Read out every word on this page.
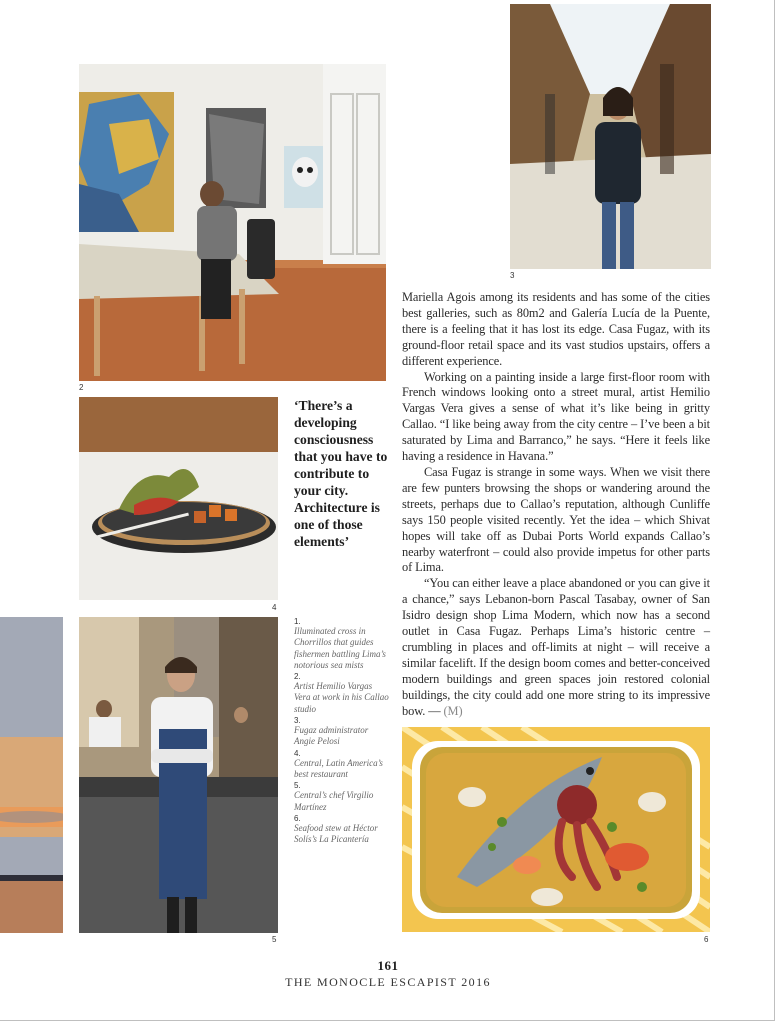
2
3
4
5	6
‘There’s a developing consciousness that you have to contribute to your city. Architecture is one of those elements’
1.
Illuminated cross in Chorrillos that guides fishermen battling Lima’s notorious sea mists
2.
Artist Hemilio Vargas Vera at work in his Callao studio
3.
Fugaz administrator Angie Pelosi
4.
Central, Latin America’s best restaurant
5.
Central’s chef Virgilio Martínez
6.
Seafood stew at Héctor Solís’s La Picantería

Mariella Agois among its residents and has some of the cities best galleries, such as 80m2 and Galería Lucía de la Puente, there is a feeling that it has lost its edge. Casa Fugaz, with its ground-floor retail space and its vast studios upstairs, offers a different experience.

Working on a painting inside a large first-floor room with French windows looking onto a street mural, artist Hemilio Vargas Vera gives a sense of what it’s like being in gritty Callao. “I like being away from the city centre – I’ve been a bit saturated by Lima and Barranco,” he says. “Here it feels like having a residence in Havana.”

Casa Fugaz is strange in some ways. When we visit there are few punters browsing the shops or wandering around the streets, perhaps due to Callao’s reputation, although Cunliffe says 150 people visited recently. Yet the idea – which Shivat hopes will take off as Dubai Ports World expands Callao’s nearby waterfront – could also provide impetus for other parts of Lima.

“You can either leave a place abandoned or you can give it a chance,” says Lebanon-born Pascal Tasabay, owner of San Isidro design shop Lima Modern, which now has a second outlet in Casa Fugaz. Perhaps Lima’s historic centre – crumbling in places and off-limits at night – will receive a similar facelift. If the design boom comes and better-conceived modern buildings and green spaces join restored colonial buildings, the city could add one more string to its impressive bow. — (M)

161
THE MONOCLE ESCAPIST 2016
